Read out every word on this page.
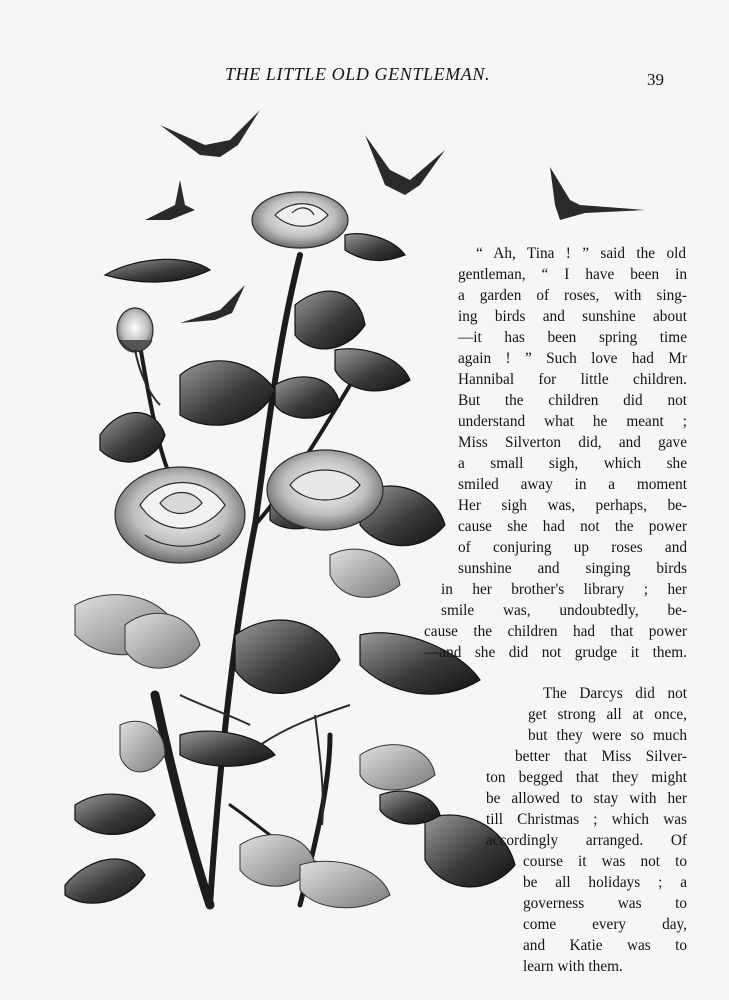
THE LITTLE OLD GENTLEMAN.	39
“ Ah, Tina ! ” said the old
gentleman, “ I have been in
a garden of roses, with sing-
ing birds and sunshine about
—it has been spring time
again ! ” Such love had Mr
Hannibal for little children.
But the children did not
understand what he meant ;
Miss Silverton did, and gave
a small sigh, which she
smiled away in a moment
Her sigh was, perhaps, be-
cause she had not the power
of conjuring up roses and
sunshine and singing birds
in her brother's library ; her
smile was, undoubtedly, be-
cause the children had that power
—and she did not grudge it them.
The Darcys did not
get strong all at once,
but they were so much
better that Miss Silver-
ton begged that they might
be allowed to stay with her
till Christmas ; which was
accordingly arranged. Of
course it was not to
be all holidays ; a
governess was to
come every day,
and Katie was to
learn with them.
